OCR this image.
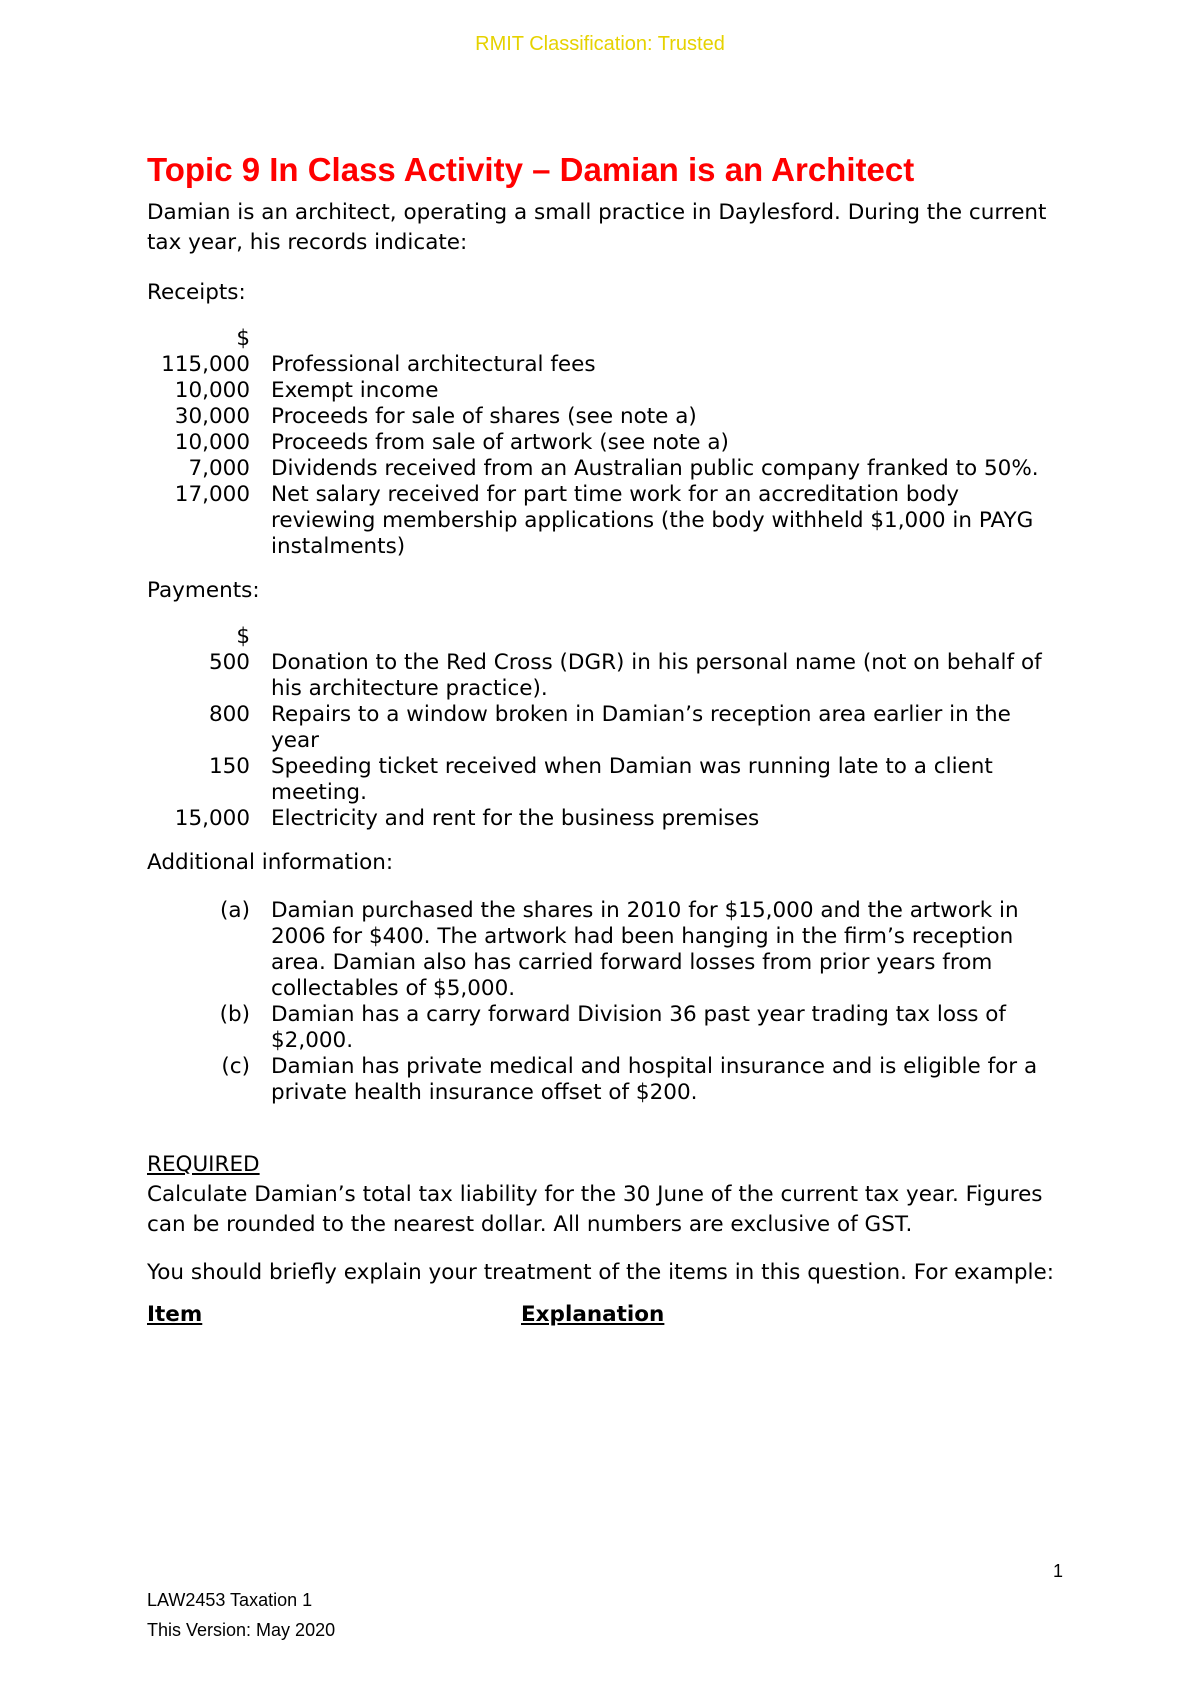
RMIT Classification: Trusted
Topic 9 In Class Activity – Damian is an Architect
Damian is an architect, operating a small practice in Daylesford. During the current tax year, his records indicate:
Receipts:
$
115,000 Professional architectural fees
10,000 Exempt income
30,000 Proceeds for sale of shares (see note a)
10,000 Proceeds from sale of artwork (see note a)
7,000 Dividends received from an Australian public company franked to 50%.
17,000 Net salary received for part time work for an accreditation body reviewing membership applications (the body withheld $1,000 in PAYG instalments)
Payments:
$
500 Donation to the Red Cross (DGR) in his personal name (not on behalf of his architecture practice).
800 Repairs to a window broken in Damian’s reception area earlier in the year
150 Speeding ticket received when Damian was running late to a client meeting.
15,000 Electricity and rent for the business premises
Additional information:
(a) Damian purchased the shares in 2010 for $15,000 and the artwork in 2006 for $400. The artwork had been hanging in the firm’s reception area. Damian also has carried forward losses from prior years from collectables of $5,000.
(b) Damian has a carry forward Division 36 past year trading tax loss of $2,000.
(c) Damian has private medical and hospital insurance and is eligible for a private health insurance offset of $200.
REQUIRED
Calculate Damian’s total tax liability for the 30 June of the current tax year. Figures can be rounded to the nearest dollar. All numbers are exclusive of GST.
You should briefly explain your treatment of the items in this question. For example:
Item	Explanation
1
LAW2453 Taxation 1
This Version: May 2020
